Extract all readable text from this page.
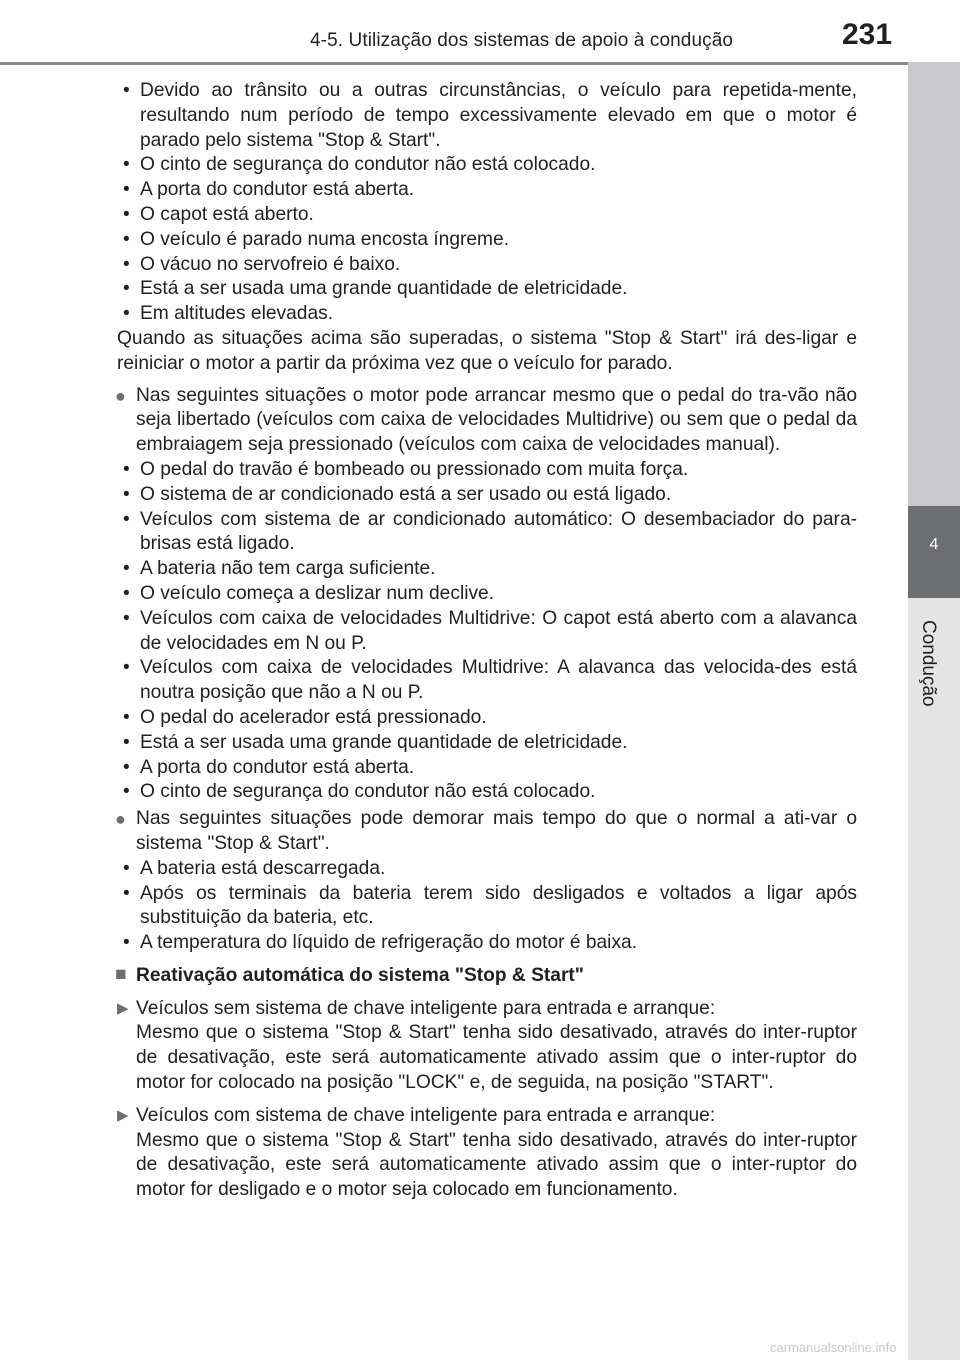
4-5. Utilização dos sistemas de apoio à condução	231
4
Condução
• Devido ao trânsito ou a outras circunstâncias, o veículo para repetida-mente, resultando num período de tempo excessivamente elevado em que o motor é parado pelo sistema "Stop & Start".
• O cinto de segurança do condutor não está colocado.
• A porta do condutor está aberta.
• O capot está aberto.
• O veículo é parado numa encosta íngreme.
• O vácuo no servofreio é baixo.
• Está a ser usada uma grande quantidade de eletricidade.
• Em altitudes elevadas.

Quando as situações acima são superadas, o sistema "Stop & Start" irá des-ligar e reiniciar o motor a partir da próxima vez que o veículo for parado.

● Nas seguintes situações o motor pode arrancar mesmo que o pedal do tra-vão não seja libertado (veículos com caixa de velocidades Multidrive) ou sem que o pedal da embraiagem seja pressionado (veículos com caixa de velocidades manual).
• O pedal do travão é bombeado ou pressionado com muita força.
• O sistema de ar condicionado está a ser usado ou está ligado.
• Veículos com sistema de ar condicionado automático: O desembaciador do para-brisas está ligado.
• A bateria não tem carga suficiente.
• O veículo começa a deslizar num declive.
• Veículos com caixa de velocidades Multidrive: O capot está aberto com a alavanca de velocidades em N ou P.
• Veículos com caixa de velocidades Multidrive: A alavanca das velocida-des está noutra posição que não a N ou P.
• O pedal do acelerador está pressionado.
• Está a ser usada uma grande quantidade de eletricidade.
• A porta do condutor está aberta.
• O cinto de segurança do condutor não está colocado.
● Nas seguintes situações pode demorar mais tempo do que o normal a ati-var o sistema "Stop & Start".
• A bateria está descarregada.
• Após os terminais da bateria terem sido desligados e voltados a ligar após substituição da bateria, etc.
• A temperatura do líquido de refrigeração do motor é baixa.
■ Reativação automática do sistema "Stop & Start"
▶ Veículos sem sistema de chave inteligente para entrada e arranque:

Mesmo que o sistema "Stop & Start" tenha sido desativado, através do inter-ruptor de desativação, este será automaticamente ativado assim que o inter-ruptor do motor for colocado na posição "LOCK" e, de seguida, na posição "START".

▶ Veículos com sistema de chave inteligente para entrada e arranque:

Mesmo que o sistema "Stop & Start" tenha sido desativado, através do inter-ruptor de desativação, este será automaticamente ativado assim que o inter-ruptor do motor for desligado e o motor seja colocado em funcionamento.

carmanualsonline.info
